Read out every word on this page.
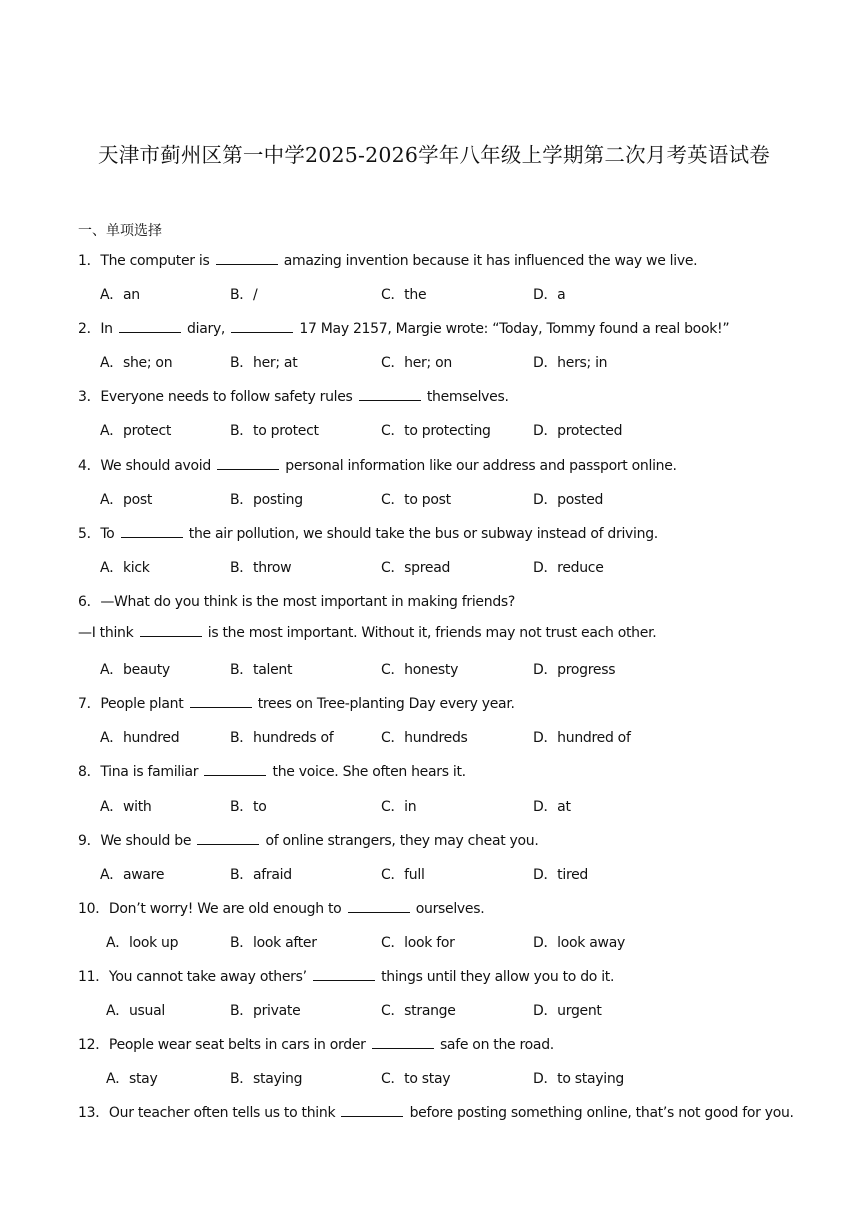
天津市蓟州区第一中学2025-2026学年八年级上学期第二次月考英语试卷
一、单项选择
1．The computer is	amazing invention because it has influenced the way we live.
A．an	B．/	C．the	D．a
2．In	diary,	17 May 2157, Margie wrote: “Today, Tommy found a real book!”
A．she; on	B．her; at	C．her; on	D．hers; in
3．Everyone needs to follow safety rules	themselves.
A．protect	B．to protect	C．to protecting	D．protected
4．We should avoid	personal information like our address and passport online.
A．post	B．posting	C．to post	D．posted
5．To	the air pollution, we should take the bus or subway instead of driving.
A．kick	B．throw	C．spread	D．reduce
6．—What do you think is the most important in making friends?
—I think	is the most important. Without it, friends may not trust each other.
A．beauty	B．talent	C．honesty	D．progress
7．People plant	trees on Tree-planting Day every year.
A．hundred	B．hundreds of	C．hundreds	D．hundred of
8．Tina is familiar	the voice. She often hears it.
A．with	B．to	C．in	D．at
9．We should be	of online strangers, they may cheat you.
A．aware	B．afraid	C．full	D．tired
10．Don’t worry! We are old enough to	ourselves.
A．look up	B．look after	C．look for	D．look away
11．You cannot take away others’	things until they allow you to do it.
A．usual	B．private	C．strange	D．urgent
12．People wear seat belts in cars in order	safe on the road.
A．stay	B．staying	C．to stay	D．to staying
13．Our teacher often tells us to think	before posting something online, that’s not good for you.
